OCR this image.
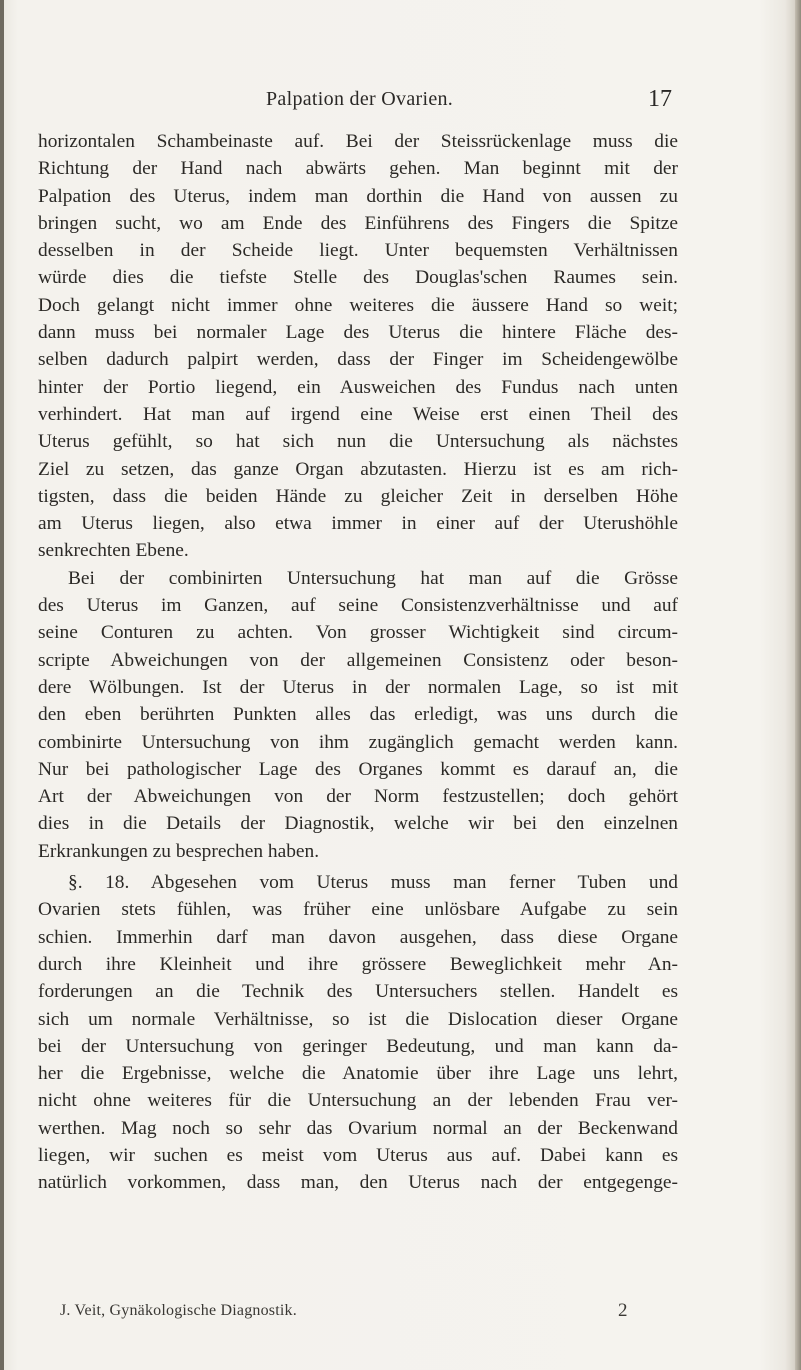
Palpation der Ovarien.	17
horizontalen Schambeinaste auf. Bei der Steissrückenlage muss die
Richtung der Hand nach abwärts gehen. Man beginnt mit der
Palpation des Uterus, indem man dorthin die Hand von aussen zu
bringen sucht, wo am Ende des Einführens des Fingers die Spitze
desselben in der Scheide liegt. Unter bequemsten Verhältnissen
würde dies die tiefste Stelle des Douglas'schen Raumes sein.
Doch gelangt nicht immer ohne weiteres die äussere Hand so weit;
dann muss bei normaler Lage des Uterus die hintere Fläche des-
selben dadurch palpirt werden, dass der Finger im Scheidengewölbe
hinter der Portio liegend, ein Ausweichen des Fundus nach unten
verhindert. Hat man auf irgend eine Weise erst einen Theil des
Uterus gefühlt, so hat sich nun die Untersuchung als nächstes
Ziel zu setzen, das ganze Organ abzutasten. Hierzu ist es am rich-
tigsten, dass die beiden Hände zu gleicher Zeit in derselben Höhe
am Uterus liegen, also etwa immer in einer auf der Uterushöhle
senkrechten Ebene.
Bei der combinirten Untersuchung hat man auf die Grösse
des Uterus im Ganzen, auf seine Consistenzverhältnisse und auf
seine Conturen zu achten. Von grosser Wichtigkeit sind circum-
scripte Abweichungen von der allgemeinen Consistenz oder beson-
dere Wölbungen. Ist der Uterus in der normalen Lage, so ist mit
den eben berührten Punkten alles das erledigt, was uns durch die
combinirte Untersuchung von ihm zugänglich gemacht werden kann.
Nur bei pathologischer Lage des Organes kommt es darauf an, die
Art der Abweichungen von der Norm festzustellen; doch gehört
dies in die Details der Diagnostik, welche wir bei den einzelnen
Erkrankungen zu besprechen haben.
§. 18. Abgesehen vom Uterus muss man ferner Tuben und
Ovarien stets fühlen, was früher eine unlösbare Aufgabe zu sein
schien. Immerhin darf man davon ausgehen, dass diese Organe
durch ihre Kleinheit und ihre grössere Beweglichkeit mehr An-
forderungen an die Technik des Untersuchers stellen. Handelt es
sich um normale Verhältnisse, so ist die Dislocation dieser Organe
bei der Untersuchung von geringer Bedeutung, und man kann da-
her die Ergebnisse, welche die Anatomie über ihre Lage uns lehrt,
nicht ohne weiteres für die Untersuchung an der lebenden Frau ver-
werthen. Mag noch so sehr das Ovarium normal an der Beckenwand
liegen, wir suchen es meist vom Uterus aus auf. Dabei kann es
natürlich vorkommen, dass man, den Uterus nach der entgegenge-
J. Veit, Gynäkologische Diagnostik.	2
